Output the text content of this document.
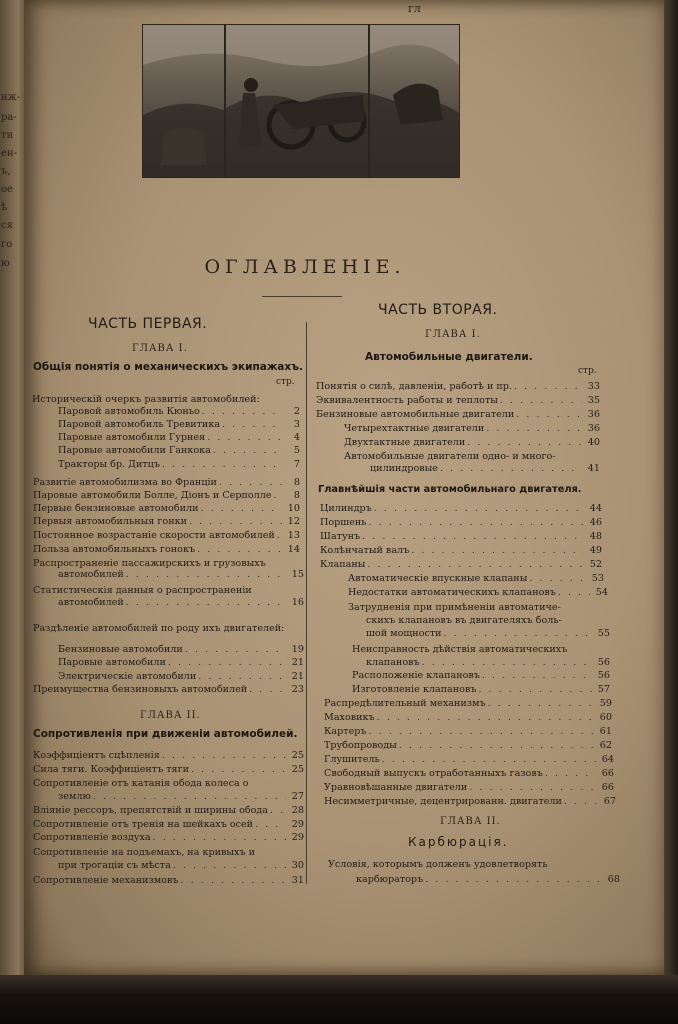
иж-
ра-
ти
ен-
ъ,
ое
ѣ
ся
го
ю
гл
ОГЛАВЛЕНІЕ.
ЧАСТЬ ПЕРВАЯ.
ГЛАВА I.
Общія понятія о механическихъ экипажахъ.
стр.
Историческій очеркъ развитія автомобилей:
Паровой автомобиль Кюньо . . .	2
Паровой автомобиль Тревитика . . .	3
Паровые автомобили Гурнея . . .	4
Паровые автомобили Ганкока . . .	5
Тракторы бр. Дитцъ . . .	7
Развитіе автомобилизма во Франціи . . .	8
Паровые автомобили Болле, Діонъ и Серполле . . .	8
Первые бензиновые автомобили . . .	10
Первыя автомобильныя гонки . . .	12
Постоянное возрастаніе скорости автомобилей . . .	13
Польза автомобильныхъ гонокъ . . .	14
Распространеніе пассажирскихъ и грузовыхъ
автомобилей . . .	15
Статистическія данныя о распространеніи
автомобилей . . .	16
Раздѣленіе автомобилей по роду ихъ двигателей:
Бензиновые автомобили . . .	19
Паровые автомобили . . .	21
Электрическіе автомобили . . .	21
Преимущества бензиновыхъ автомобилей . . .	23
ГЛАВА II.
Сопротивленія при движеніи автомобилей.
Коэффиціентъ сцѣпленія . . .	25
Сила тяги. Коэффиціентъ тяги . . .	25
Сопротивленіе отъ катанія обода колеса о
землю . . .	27
Вліяніе рессоръ, препятствій и ширины обода . . .	28
Сопротивленіе отъ тренія на шейкахъ осей . . .	29
Сопротивленіе воздуха . . .	29
Сопротивленіе на подъемахъ, на кривыхъ и
при трогаціи съ мѣста . . .	30
Сопротивленіе механизмовъ . . .	31
ЧАСТЬ ВТОРАЯ.
ГЛАВА I.
Автомобильные двигатели.
стр.
Понятія о силѣ, давленіи, работѣ и пр. . . .	33
Эквивалентность работы и теплоты . . .	35
Бензиновые автомобильные двигатели . . .	36
Четырехтактные двигатели . . .	36
Двухтактные двигатели . . .	40
Автомобильные двигатели одно- и много-
цилиндровые . . .	41
Главнѣйшія части автомобильнаго двигателя.
Цилиндръ . . .	44
Поршень . . .	46
Шатунъ . . .	48
Колѣнчатый валъ . . .	49
Клапаны . . .	52
Автоматическіе впускные клапаны . . .	53
Недостатки автоматическихъ клапановъ . . .	54
Затрудненія при примѣненіи автоматиче-
скихъ клапановъ въ двигателяхъ боль-
шой мощности . . .	55
Неисправность дѣйствія автоматическихъ
клапановъ . . .	56
Расположеніе клапановъ . . .	56
Изготовленіе клапановъ . . .	57
Распредѣлительный механизмъ . . .	59
Маховикъ . . .	60
Картеръ . . .	61
Трубопроводы . . .	62
Глушитель . . .	64
Свободный выпускъ отработанныхъ газовъ . . .	66
Уравновѣшанные двигатели . . .	66
Несимметричные, децентрированн. двигатели . . .	67
ГЛАВА II.
Карбюрація.
Условія, которымъ долженъ удовлетворять
карбюраторъ . . .	68
